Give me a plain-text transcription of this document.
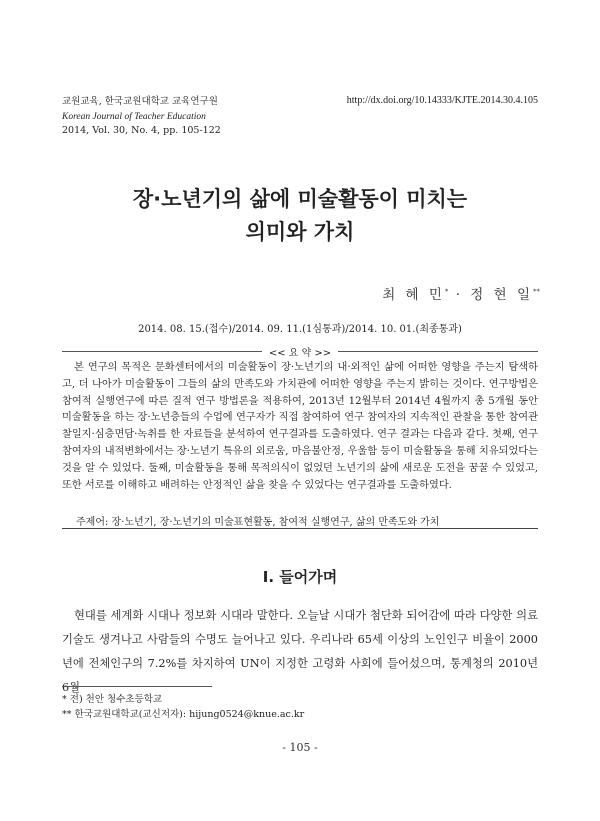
교원교육, 한국교원대학교 교육연구원
Korean Journal of Teacher Education
2014, Vol. 30, No. 4, pp. 105-122
http://dx.doi.org/10.14333/KJTE.2014.30.4.105
장·노년기의 삶에 미술활동이 미치는
의미와 가치
최 혜 민* · 정 현 일**
2014. 08. 15.(접수)/2014. 09. 11.(1심통과)/2014. 10. 01.(최종통과)
<< 요 약 >>
본 연구의 목적은 문화센터에서의 미술활동이 장·노년기의 내·외적인 삶에 어떠한 영향을 주는지 탐색하고, 더 나아가 미술활동이 그들의 삶의 만족도와 가치관에 어떠한 영향을 주는지 밝히는 것이다. 연구방법은 참여적 실행연구에 따른 질적 연구 방법론을 적용하여, 2013년 12월부터 2014년 4월까지 총 5개월 동안 미술활동을 하는 장·노년층들의 수업에 연구자가 직접 참여하여 연구 참여자의 지속적인 관찰을 통한 참여관찰일지·심층면담·녹취를 한 자료들을 분석하여 연구결과를 도출하였다. 연구 결과는 다음과 같다. 첫째, 연구참여자의 내적변화에서는 장·노년기 특유의 외로움, 마음불안정, 우울함 등이 미술활동을 통해 치유되었다는 것을 알 수 있었다. 둘째, 미술활동을 통해 목적의식이 없었던 노년기의 삶에 새로운 도전을 꿈꿀 수 있었고, 또한 서로를 이해하고 배려하는 안정적인 삶을 찾을 수 있었다는 연구결과를 도출하였다.
주제어: 장·노년기, 장·노년기의 미술표현활동, 참여적 실행연구, 삶의 만족도와 가치
Ⅰ. 들어가며
현대를 세계화 시대나 정보화 시대라 말한다. 오늘날 시대가 첨단화 되어감에 따라 다양한 의료기술도 생겨나고 사람들의 수명도 늘어나고 있다. 우리나라 65세 이상의 노인인구 비율이 2000년에 전체인구의 7.2%를 차지하여 UN이 지정한 고령화 사회에 들어섰으며, 통계청의 2010년 6월
* 전) 천안 청수초등학교
** 한국교원대학교(교신저자): hijung0524@knue.ac.kr
- 105 -
